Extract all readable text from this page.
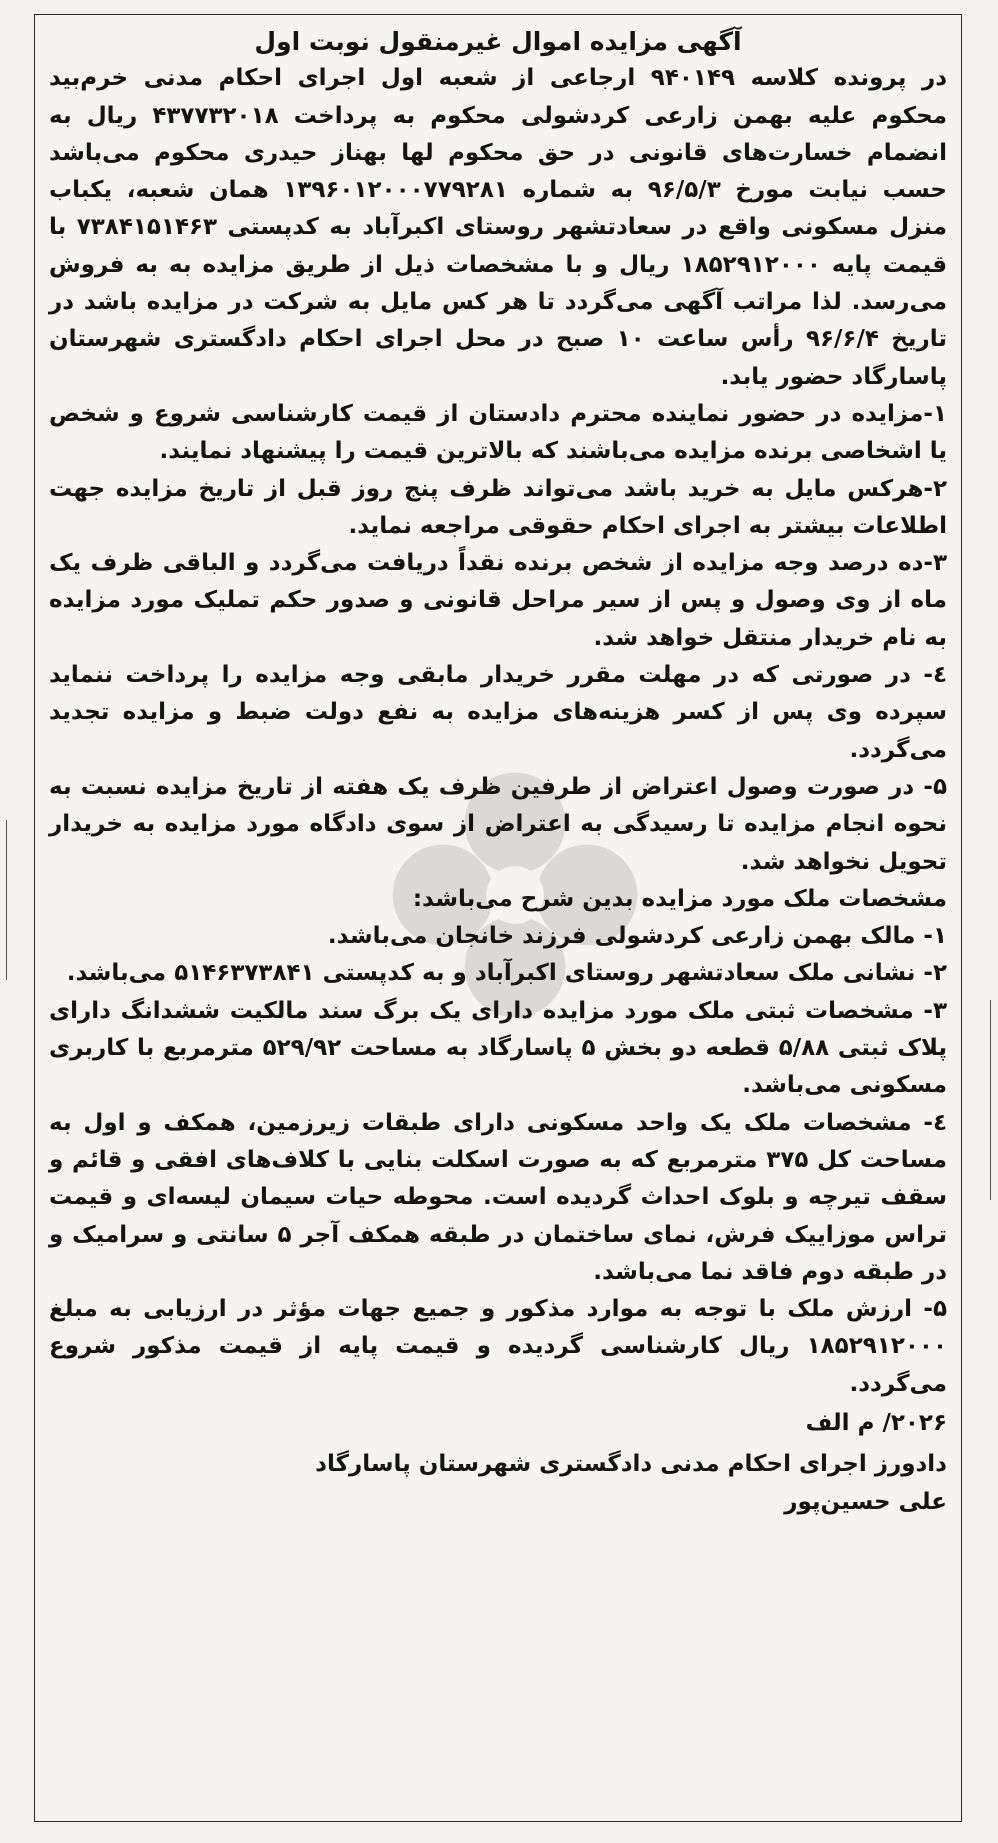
آگهی مزایده اموال غیرمنقول نوبت اول

در پرونده کلاسه ۹۴۰۱۴۹ ارجاعی از شعبه اول اجرای احکام مدنی خرم‌بید محکوم علیه بهمن زارعی کردشولی محکوم به پرداخت ۴۳۷۷۳۲۰۱۸ ریال به انضمام خسارت‌های قانونی در حق محکوم لها بهناز حیدری محکوم می‌باشد حسب نیابت مورخ ۹۶/۵/۳ به شماره ۱۳۹۶۰۱۲۰۰۰۷۷۹۲۸۱ همان شعبه، یکباب منزل مسکونی واقع در سعادتشهر روستای اکبرآباد به کدپستی ۷۳۸۴۱۵۱۴۶۳ با قیمت پایه ۱۸۵۲۹۱۲۰۰۰ ریال و با مشخصات ذیل از طریق مزایده به به فروش می‌رسد. لذا مراتب آگهی می‌گردد تا هر کس مایل به شرکت در مزایده باشد در تاریخ ۹۶/۶/۴ رأس ساعت ۱۰ صبح در محل اجرای احکام دادگستری شهرستان پاسارگاد حضور یابد.

۱-مزایده در حضور نماینده محترم دادستان از قیمت کارشناسی شروع و شخص یا اشخاصی برنده مزایده می‌باشند که بالاترین قیمت را پیشنهاد نمایند.

۲-هرکس مایل به خرید باشد می‌تواند ظرف پنج روز قبل از تاریخ مزایده جهت اطلاعات بیشتر به اجرای احکام حقوقی مراجعه نماید.

۳-ده درصد وجه مزایده از شخص برنده نقداً دریافت می‌گردد و الباقی ظرف یک ماه از وی وصول و پس از سیر مراحل قانونی و صدور حکم تملیک مورد مزایده به نام خریدار منتقل خواهد شد.

٤- در صورتی که در مهلت مقرر خریدار مابقی وجه مزایده را پرداخت ننماید سپرده وی پس از کسر هزینه‌های مزایده به نفع دولت ضبط و مزایده تجدید می‌گردد.

۵- در صورت وصول اعتراض از طرفین ظرف یک هفته از تاریخ مزایده نسبت به نحوه انجام مزایده تا رسیدگی به اعتراض از سوی دادگاه مورد مزایده به خریدار تحویل نخواهد شد.

مشخصات ملک مورد مزایده بدین شرح می‌باشد:

۱- مالک بهمن زارعی کردشولی فرزند خانجان می‌باشد.

۲- نشانی ملک سعادتشهر روستای اکبرآباد و به کدپستی ۵۱۴۶۳۷۳۸۴۱ می‌باشد.

۳- مشخصات ثبتی ملک مورد مزایده دارای یک برگ سند مالکیت ششدانگ دارای پلاک ثبتی ۵/۸۸ قطعه دو بخش ۵ پاسارگاد به مساحت ۵۲۹/۹۲ مترمربع با کاربری مسکونی می‌باشد.

٤- مشخصات ملک یک واحد مسکونی دارای طبقات زیرزمین، همکف و اول به مساحت کل ۳۷۵ مترمربع که به صورت اسکلت بنایی با کلاف‌های افقی و قائم و سقف تیرچه و بلوک احداث گردیده است. محوطه حیات سیمان لیسه‌ای و قیمت تراس موزاییک فرش، نمای ساختمان در طبقه همکف آجر ۵ سانتی و سرامیک و در طبقه دوم فاقد نما می‌باشد.

۵- ارزش ملک با توجه به موارد مذکور و جمیع جهات مؤثر در ارزیابی به مبلغ ۱۸۵۲۹۱۲۰۰۰ ریال کارشناسی گردیده و قیمت پایه از قیمت مذکور شروع می‌گردد.

۲۰۲۶/ م الف

دادورز اجرای احکام مدنی دادگستری شهرستان پاسارگاد

علی حسین‌پور
